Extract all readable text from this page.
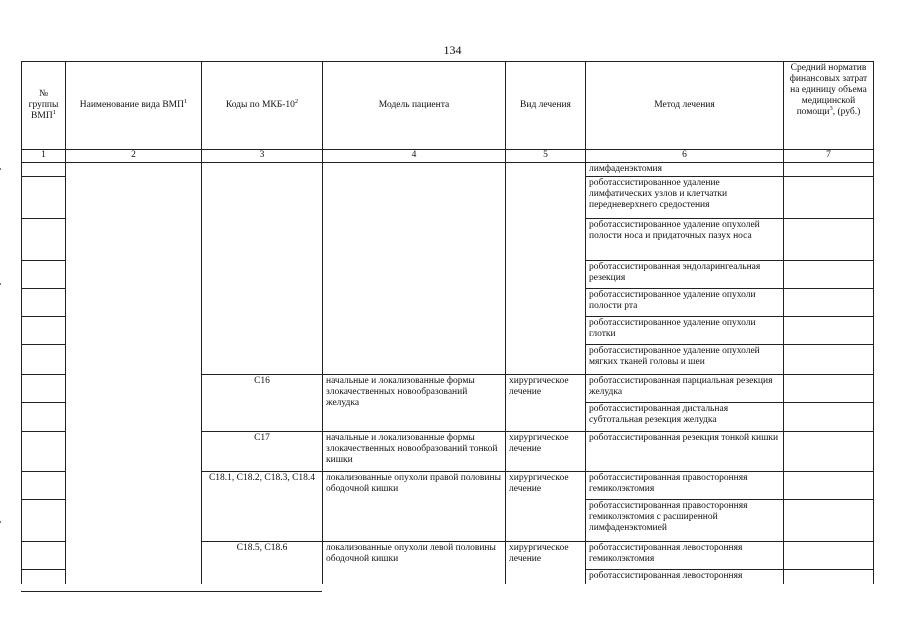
134
№
группы
ВМП$^1$	Наименование вида ВМП$^1$	Коды по МКБ-$10^2$	Модель пациента	Вид лечения	Метод лечения	Средний норматив финансовых затрат на единицу объема медицинской помощи$^3$, (руб.)
1	2	3	4	5	6	7
					лимфаденэктомия	
					роботассистированное удаление лимфатических узлов и клетчатки передневерхнего средостения	
					роботассистированное удаление опухолей полости носа и придаточных пазух носа	
					роботассистированная эндоларингеальная резекция	
					роботассистированное удаление опухоли полости рта	
					роботассистированное удаление опухоли глотки	
					роботассистированное удаление опухолей мягких тканей головы и шеи	
		C16	начальные и локализованные формы злокачественных новообразований желудка	хирургическое лечение	роботассистированная парциальная резекция желудка	
					роботассистированная дистальная субтотальная резекция желудка	
		C17	начальные и локализованные формы злокачественных новообразований тонкой кишки	хирургическое лечение	роботассистированная резекция тонкой кишки	
		C18.1, C18.2, C18.3, C18.4	локализованные опухоли правой половины ободочной кишки	хирургическое лечение	роботассистированная правосторонняя гемиколэктомия	
					роботассистированная правосторонняя гемиколэктомия с расширенной лимфаденэктомией	
		C18.5, C18.6	локализованные опухоли левой половины ободочной кишки	хирургическое лечение	роботассистированная левосторонняя гемиколэктомия	
					роботассистированная левосторонняя	
